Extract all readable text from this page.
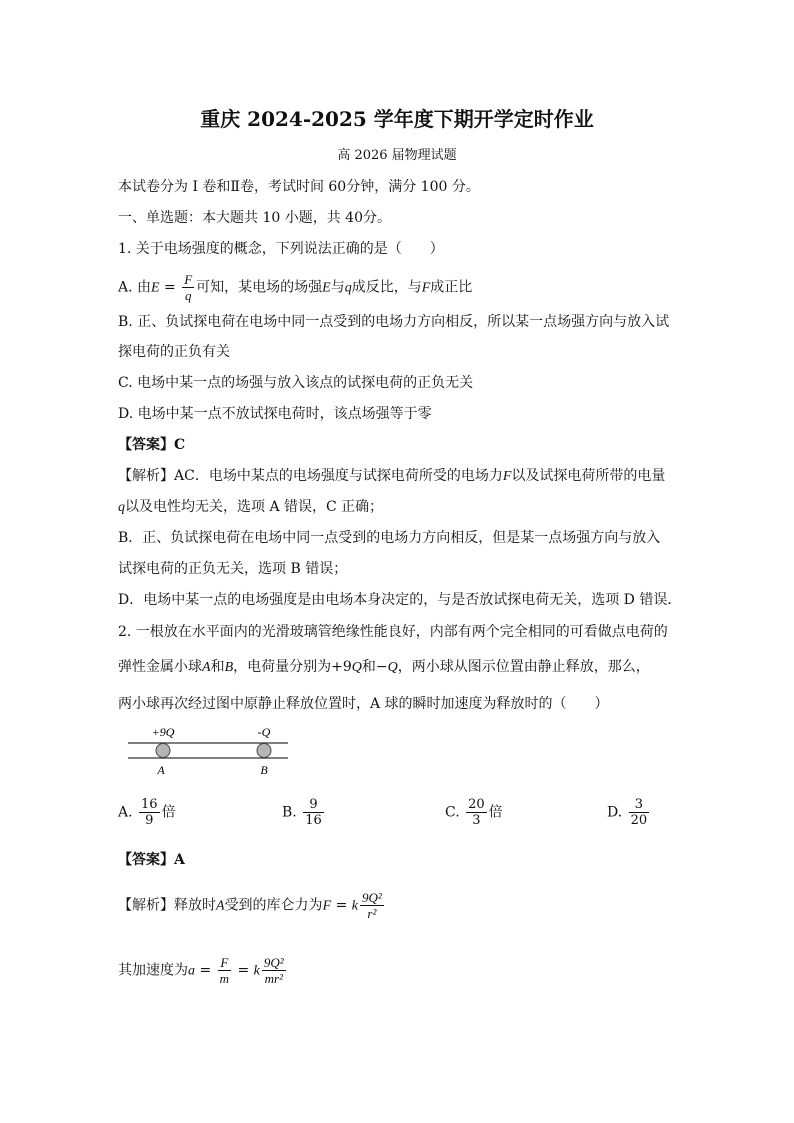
重庆 2024-2025 学年度下期开学定时作业
高 2026 届物理试题
本试卷分为 I 卷和Ⅱ卷，考试时间 60分钟，满分 100 分。
一、单选题：本大题共 10 小题，共 40分。
1. 关于电场强度的概念，下列说法正确的是（　　）
A. 由$E = \frac{F}{q}$ 可知，某电场的场强E与q成反比，与F成正比
B. 正、负试探电荷在电场中同一点受到的电场力方向相反，所以某一点场强方向与放入试
探电荷的正负有关
C. 电场中某一点的场强与放入该点的试探电荷的正负无关
D. 电场中某一点不放试探电荷时，该点场强等于零
【答案】C
【解析】AC．电场中某点的电场强度与试探电荷所受的电场力F以及试探电荷所带的电量
q以及电性均无关，选项 A 错误，C 正确；
B．正、负试探电荷在电场中同一点受到的电场力方向相反，但是某一点场强方向与放入
试探电荷的正负无关，选项 B 错误；
D．电场中某一点的电场强度是由电场本身决定的，与是否放试探电荷无关，选项 D 错误．
2. 一根放在水平面内的光滑玻璃管绝缘性能良好，内部有两个完全相同的可看做点电荷的
弹性金属小球A和B，电荷量分别为+9Q和−Q，两小球从图示位置由静止释放，那么，
两小球再次经过图中原静止释放位置时，A 球的瞬时加速度为释放时的（　　）
+9Q	-Q
A	B
A. $\frac{16}{9}$ 倍	B. $\frac{9}{16}$	C. $\frac{20}{3}$ 倍	D. $\frac{3}{20}$
【答案】A
【解析】释放时A受到的库仑力为F = k $\frac{\text{9Q²}}{\text{r²}}$
其加速度为$a = \frac{F}{m} = k \frac{\text{9Q²}}{\text{mr²}}$
